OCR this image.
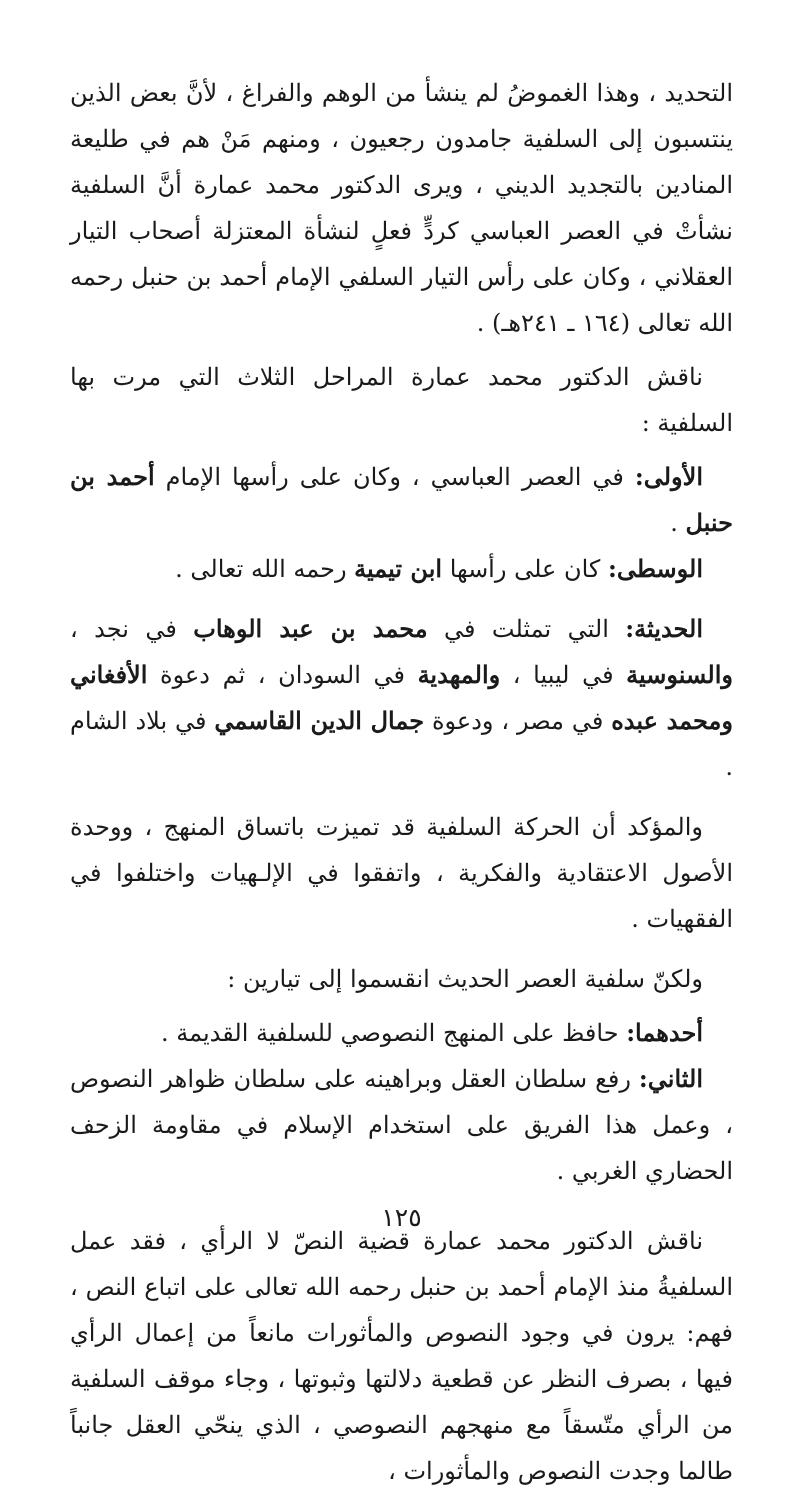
التحديد ، وهذا الغموضُ لم ينشأ من الوهم والفراغ ، لأنَّ بعض الذين ينتسبون إلى السلفية جامدون رجعيون ، ومنهم مَنْ هم في طليعة المنادين بالتجديد الديني ، ويرى الدكتور محمد عمارة أنَّ السلفية نشأتْ في العصر العباسي كردٍّ فعلٍ لنشأة المعتزلة أصحاب التيار العقلاني ، وكان على رأس التيار السلفي الإمام أحمد بن حنبل رحمه الله تعالى (١٦٤ ـ ٢٤١هـ) .

ناقش الدكتور محمد عمارة المراحل الثلاث التي مرت بها السلفية :

الأولى: في العصر العباسي ، وكان على رأسها الإمام أحمد بن حنبل .

الوسطى: كان على رأسها ابن تيمية رحمه الله تعالى .

الحديثة: التي تمثلت في محمد بن عبد الوهاب في نجد ، والسنوسية في ليبيا ، والمهدية في السودان ، ثم دعوة الأفغاني ومحمد عبده في مصر ، ودعوة جمال الدين القاسمي في بلاد الشام .

والمؤكد أن الحركة السلفية قد تميزت باتساق المنهج ، ووحدة الأصول الاعتقادية والفكرية ، واتفقوا في الإلـهيات واختلفوا في الفقهيات .

ولكنّ سلفية العصر الحديث انقسموا إلى تيارين :

أحدهما: حافظ على المنهج النصوصي للسلفية القديمة .

الثاني: رفع سلطان العقل وبراهينه على سلطان ظواهر النصوص ، وعمل هذا الفريق على استخدام الإسلام في مقاومة الزحف الحضاري الغربي .

ناقش الدكتور محمد عمارة قضية النصّ لا الرأي ، فقد عمل السلفيةُ منذ الإمام أحمد بن حنبل رحمه الله تعالى على اتباع النص ، فهم: يرون في وجود النصوص والمأثورات مانعاً من إعمال الرأي فيها ، بصرف النظر عن قطعية دلالتها وثبوتها ، وجاء موقف السلفية من الرأي متّسقاً مع منهجهم النصوصي ، الذي ينحّي العقل جانباً طالما وجدت النصوص والمأثورات ،

١٢٥
